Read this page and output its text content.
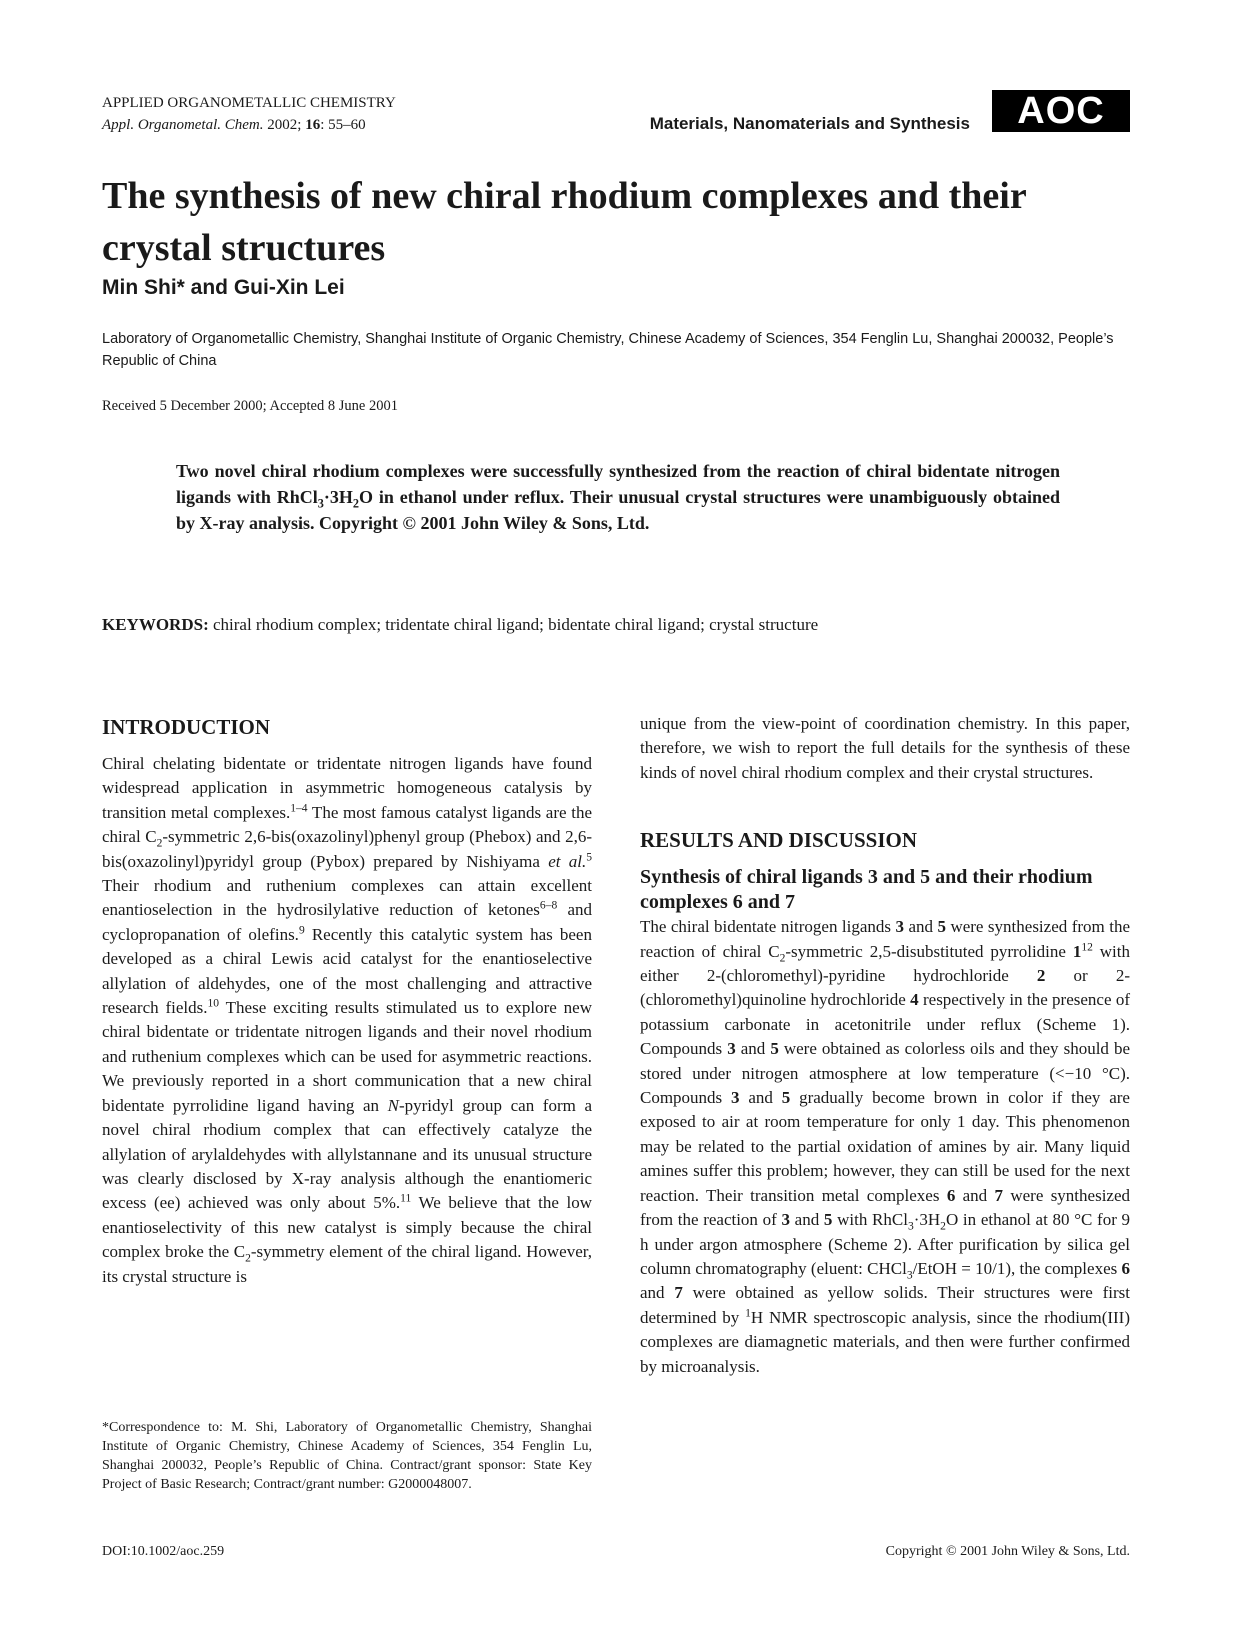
APPLIED ORGANOMETALLIC CHEMISTRY
Appl. Organometal. Chem. 2002; 16: 55–60	Materials, Nanomaterials and Synthesis	AOC
The synthesis of new chiral rhodium complexes and their crystal structures
Min Shi* and Gui-Xin Lei
Laboratory of Organometallic Chemistry, Shanghai Institute of Organic Chemistry, Chinese Academy of Sciences, 354 Fenglin Lu, Shanghai 200032, People’s Republic of China
Received 5 December 2000; Accepted 8 June 2001
Two novel chiral rhodium complexes were successfully synthesized from the reaction of chiral bidentate nitrogen ligands with $RhCl_3\cdot 3H_2O$ in ethanol under reflux. Their unusual crystal structures were unambiguously obtained by X-ray analysis. Copyright © 2001 John Wiley & Sons, Ltd.
KEYWORDS: chiral rhodium complex; tridentate chiral ligand; bidentate chiral ligand; crystal structure
INTRODUCTION

Chiral chelating bidentate or tridentate nitrogen ligands have found widespread application in asymmetric homogeneous catalysis by transition metal complexes.$^{1-4}$ The most famous catalyst ligands are the chiral $C_2$-symmetric 2,6-bis(oxazolinyl)phenyl group (Phebox) and 2,6-bis(oxazolinyl)pyridyl group (Pybox) prepared by Nishiyama et al.$^5$ Their rhodium and ruthenium complexes can attain excellent enantioselection in the hydrosilylative reduction of ketones$^{6-8}$ and cyclopropanation of olefins.$^9$ Recently this catalytic system has been developed as a chiral Lewis acid catalyst for the enantioselective allylation of aldehydes, one of the most challenging and attractive research fields.$^{10}$ These exciting results stimulated us to explore new chiral bidentate or tridentate nitrogen ligands and their novel rhodium and ruthenium complexes which can be used for asymmetric reactions. We previously reported in a short communication that a new chiral bidentate pyrrolidine ligand having an N-pyridyl group can form a novel chiral rhodium complex that can effectively catalyze the allylation of arylaldehydes with allylstannane and its unusual structure was clearly disclosed by X-ray analysis although the enantiomeric excess (ee) achieved was only about 5%.$^{11}$ We believe that the low enantioselectivity of this new catalyst is simply because the chiral complex broke the $C_2$-symmetry element of the chiral ligand. However, its crystal structure is

unique from the view-point of coordination chemistry. In this paper, therefore, we wish to report the full details for the synthesis of these kinds of novel chiral rhodium complex and their crystal structures.

RESULTS AND DISCUSSION
Synthesis of chiral ligands 3 and 5 and their rhodium complexes 6 and 7

The chiral bidentate nitrogen ligands 3 and 5 were synthesized from the reaction of chiral $C_2$-symmetric 2,5-disubstituted pyrrolidine $1^{12}$ with either 2-(chloromethyl)-pyridine hydrochloride 2 or 2-(chloromethyl)quinoline hydrochloride 4 respectively in the presence of potassium carbonate in acetonitrile under reflux (Scheme 1). Compounds 3 and 5 were obtained as colorless oils and they should be stored under nitrogen atmosphere at low temperature (<−10 °C). Compounds 3 and 5 gradually become brown in color if they are exposed to air at room temperature for only 1 day. This phenomenon may be related to the partial oxidation of amines by air. Many liquid amines suffer this problem; however, they can still be used for the next reaction. Their transition metal complexes 6 and 7 were synthesized from the reaction of 3 and 5 with $RhCl_3\cdot 3H_2O$ in ethanol at 80 °C for 9 h under argon atmosphere (Scheme 2). After purification by silica gel column chromatography (eluent: CHCl$_3$/EtOH = 10/1), the complexes 6 and 7 were obtained as yellow solids. Their structures were first determined by $^1$H NMR spectroscopic analysis, since the rhodium(III) complexes are diamagnetic materials, and then were further confirmed by microanalysis.

*Correspondence to: M. Shi, Laboratory of Organometallic Chemistry, Shanghai Institute of Organic Chemistry, Chinese Academy of Sciences, 354 Fenglin Lu, Shanghai 200032, People’s Republic of China. Contract/grant sponsor: State Key Project of Basic Research; Contract/grant number: G2000048007.
DOI:10.1002/aoc.259	Copyright © 2001 John Wiley & Sons, Ltd.
